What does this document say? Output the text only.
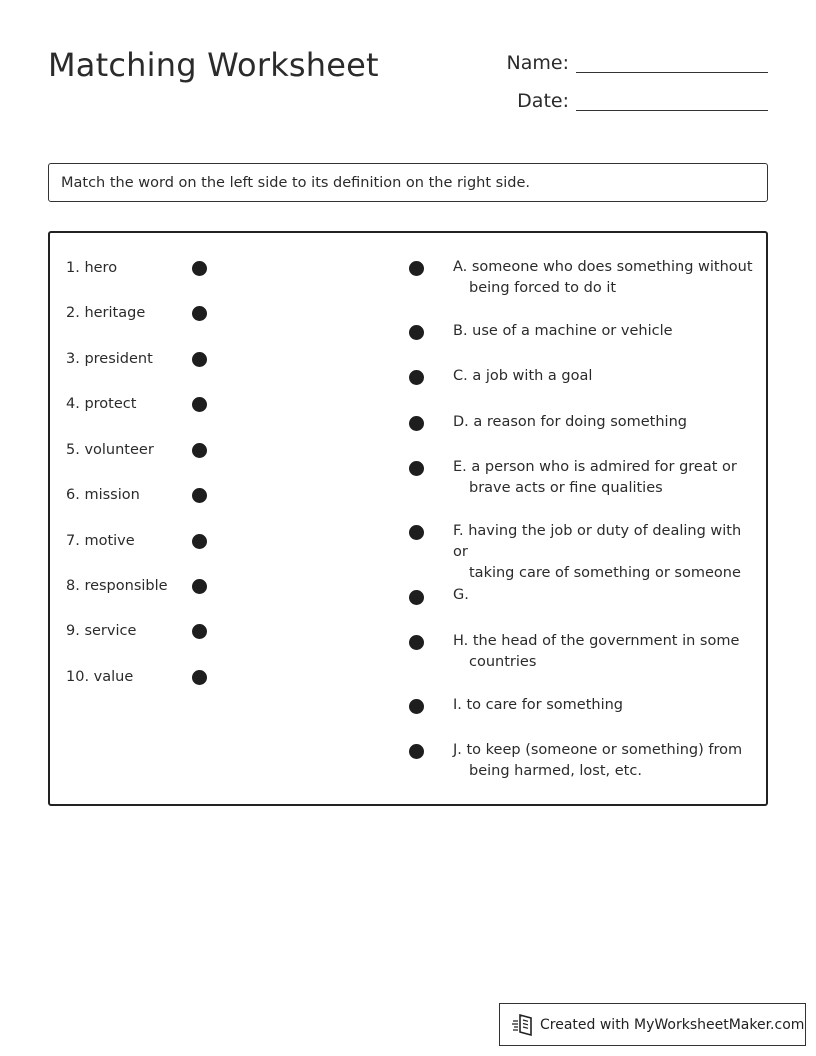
Matching Worksheet	Name:
Date:
Match the word on the left side to its definition on the right side.
1. hero
2. heritage
3. president
4. protect
5. volunteer
6. mission
7. motive
8. responsible
9. service
10. value
A. someone who does something without
being forced to do it
B. use of a machine or vehicle
C. a job with a goal
D. a reason for doing something
E. a person who is admired for great or
brave acts or fine qualities
F. having the job or duty of dealing with or
taking care of something or someone
G.
H. the head of the government in some
countries
I. to care for something
J. to keep (someone or something) from
being harmed, lost, etc.
Created with MyWorksheetMaker.com
